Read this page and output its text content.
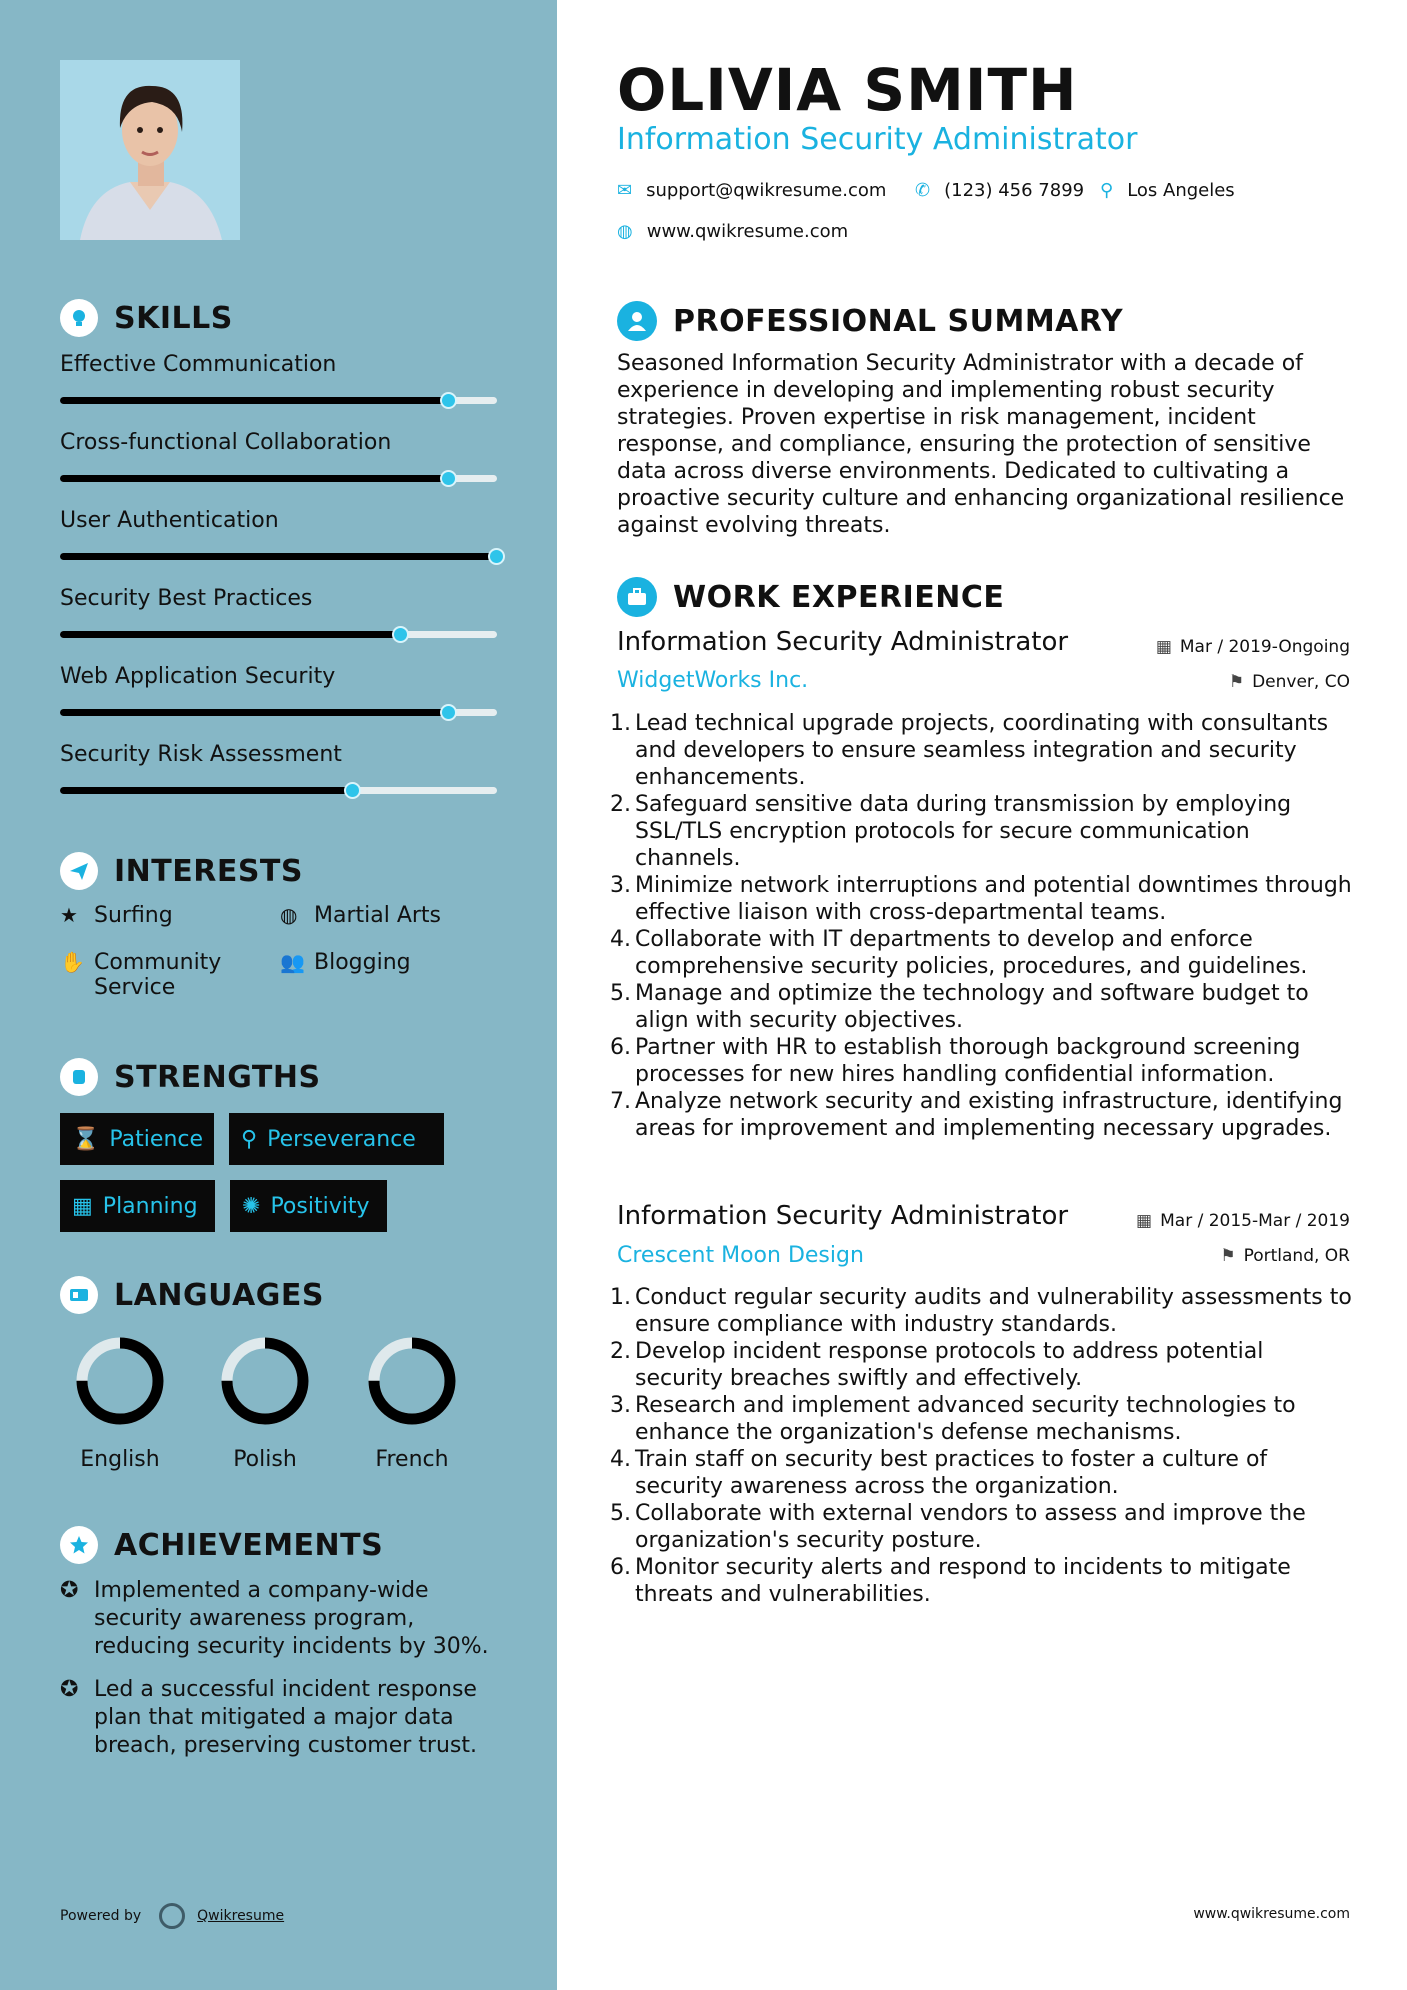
SKILLS
Effective Communication
Cross-functional Collaboration
User Authentication
Security Best Practices
Web Application Security
Security Risk Assessment
INTERESTS
★ Surfing	◍ Martial Arts
✋ Community Service
👥 Blogging
STRENGTHS
⌛ Patience ⚲ Perseverance
▦ Planning ✺ Positivity
LANGUAGES
English	Polish	French
ACHIEVEMENTS
✪ Implemented a company-wide security awareness program, reducing security incidents by 30%.
✪ Led a successful incident response plan that mitigated a major data breach, preserving customer trust.
Powered by	Qwikresume
OLIVIA SMITH
Information Security Administrator
✉ support@qwikresume.com ✆ (123) 456 7899 ⚲ Los Angeles
◍ www.qwikresume.com
PROFESSIONAL SUMMARY
Seasoned Information Security Administrator with a decade of experience in developing and implementing robust security strategies. Proven expertise in risk management, incident response, and compliance, ensuring the protection of sensitive data across diverse environments. Dedicated to cultivating a proactive security culture and enhancing organizational resilience against evolving threats.
WORK EXPERIENCE
Information Security Administrator	▦ Mar / 2019-Ongoing
WidgetWorks Inc.	⚑ Denver, CO
1. Lead technical upgrade projects, coordinating with consultants and developers to ensure seamless integration and security enhancements.
2. Safeguard sensitive data during transmission by employing SSL/TLS encryption protocols for secure communication channels.
3. Minimize network interruptions and potential downtimes through effective liaison with cross-departmental teams.
4. Collaborate with IT departments to develop and enforce comprehensive security policies, procedures, and guidelines.
5. Manage and optimize the technology and software budget to align with security objectives.
6. Partner with HR to establish thorough background screening processes for new hires handling confidential information.
7. Analyze network security and existing infrastructure, identifying areas for improvement and implementing necessary upgrades.
Information Security Administrator	▦ Mar / 2015-Mar / 2019
Crescent Moon Design	⚑ Portland, OR
1. Conduct regular security audits and vulnerability assessments to ensure compliance with industry standards.
2. Develop incident response protocols to address potential security breaches swiftly and effectively.
3. Research and implement advanced security technologies to enhance the organization's defense mechanisms.
4. Train staff on security best practices to foster a culture of security awareness across the organization.
5. Collaborate with external vendors to assess and improve the organization's security posture.
6. Monitor security alerts and respond to incidents to mitigate threats and vulnerabilities.
www.qwikresume.com
